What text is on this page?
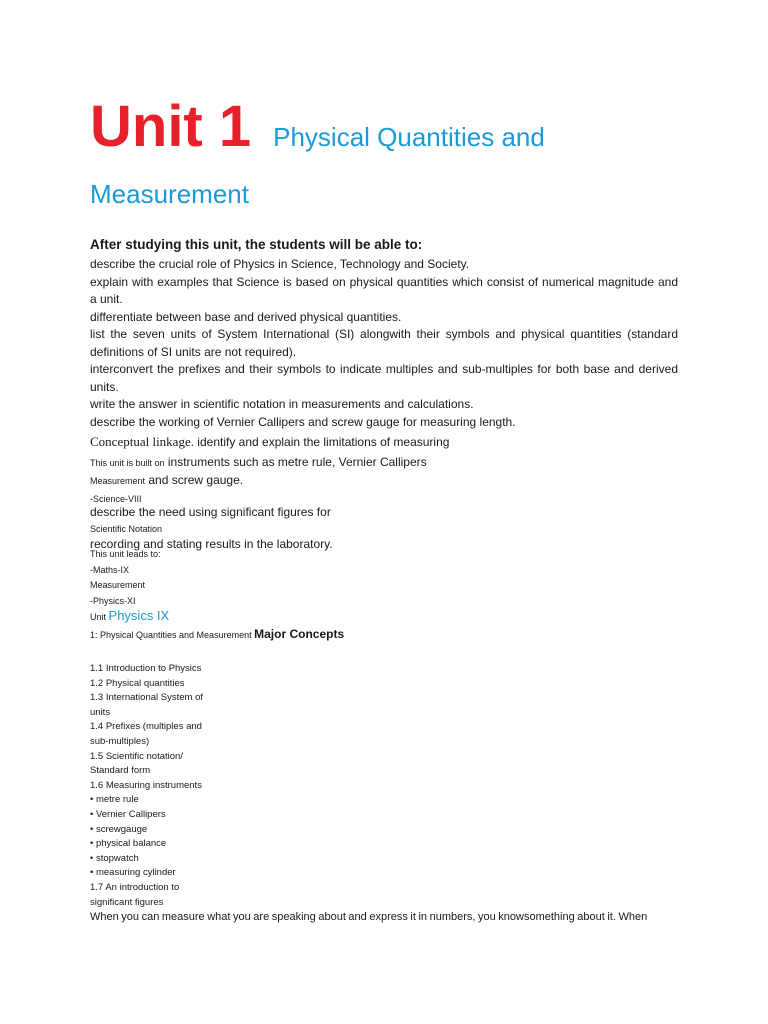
Unit 1 Physical Quantities and
Measurement
After studying this unit, the students will be able to:

describe the crucial role of Physics in Science, Technology and Society.

explain with examples that Science is based on physical quantities which consist of numerical magnitude and a unit.

differentiate between base and derived physical quantities.

list the seven units of System International (SI) alongwith their symbols and physical quantities (standard definitions of SI units are not required).

interconvert the prefixes and their symbols to indicate multiples and sub-multiples for both base and derived units.

write the answer in scientific notation in measurements and calculations.

describe the working of Vernier Callipers and screw gauge for measuring length.

Conceptual linkage. identify and explain the limitations of measuring
This unit is built on instruments such as metre rule, Vernier Callipers
Measurement and screw gauge.
-Science-VIII
describe the need using significant figures for
Scientific Notation
recording and stating results in the laboratory.
This unit leads to:
-Maths-IX
Measurement
-Physics-XI
Unit Physics IX
1: Physical Quantities and Measurement Major Concepts
1.1 Introduction to Physics
1.2 Physical quantities
1.3 International System of
units
1.4 Prefixes (multiples and
sub-multiples)
1.5 Scientific notation/
Standard form
1.6 Measuring instruments
• metre rule
• Vernier Callipers
• screwgauge
• physical balance
• stopwatch
• measuring cylinder
1.7 An introduction to
significant figures
When you can measure what you are speaking about and express it in numbers, you knowsomething about it. When
